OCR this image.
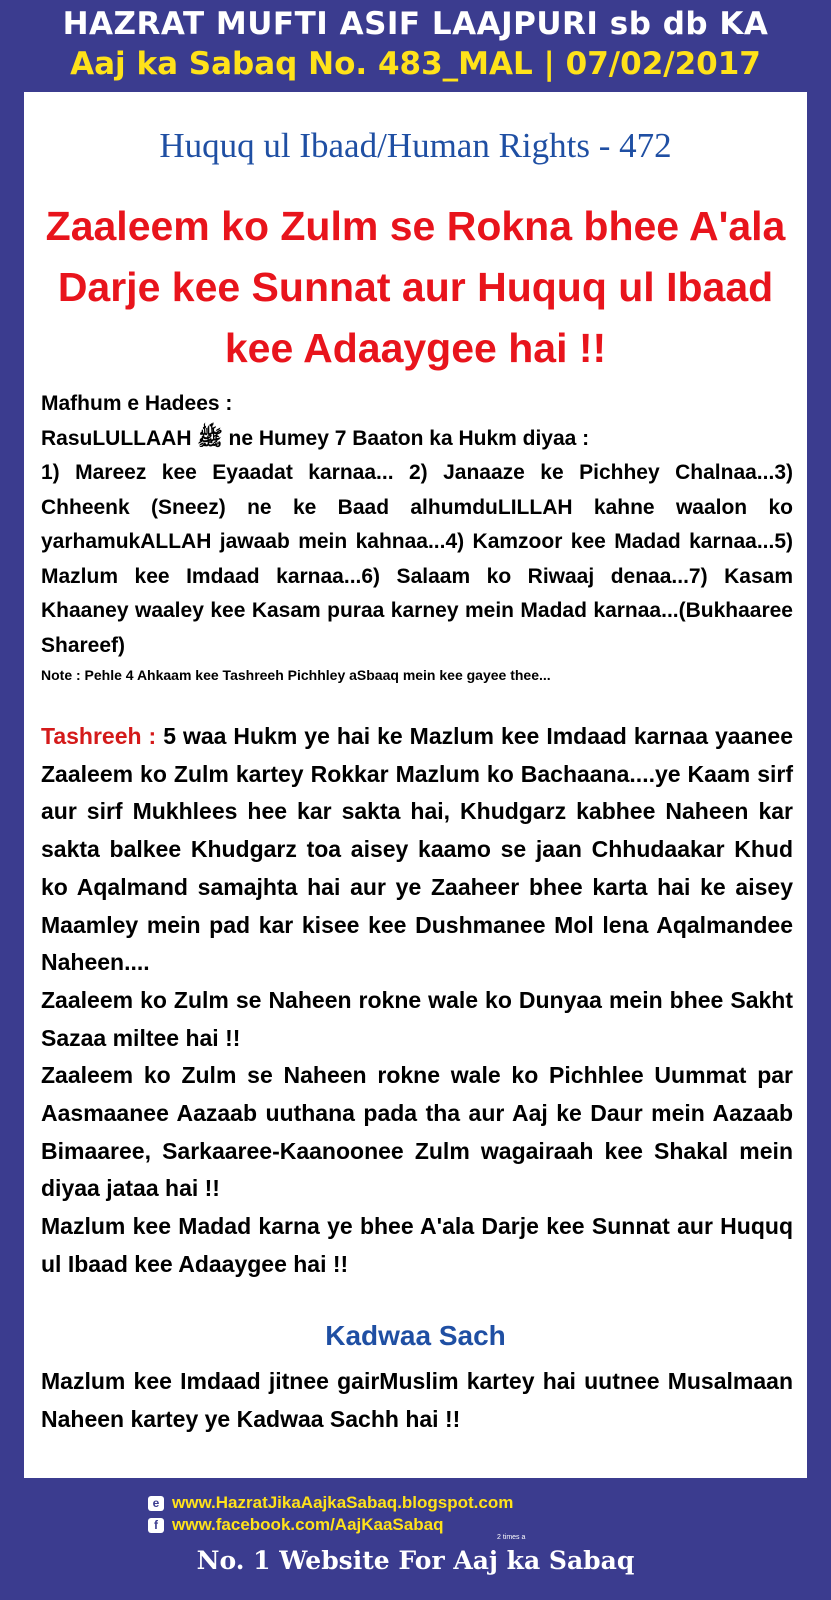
HAZRAT MUFTI ASIF LAAJPURI sb db KA
Aaj ka Sabaq No. 483_MAL | 07/02/2017
Huquq ul Ibaad/Human Rights - 472
Zaaleem ko Zulm se Rokna bhee A'ala Darje kee Sunnat aur Huquq ul Ibaad kee Adaaygee hai !!
Mafhum e Hadees :
RasuLULLAAH ﷺ ne Humey 7 Baaton ka Hukm diyaa :
1) Mareez kee Eyaadat karnaa... 2) Janaaze ke Pichhey Chalnaa...3) Chheenk (Sneez) ne ke Baad alhumduLILLAH kahne waalon ko yarhamukALLAH jawaab mein kahnaa...4) Kamzoor kee Madad karnaa...5) Mazlum kee Imdaad karnaa...6) Salaam ko Riwaaj denaa...7) Kasam Khaaney waaley kee Kasam puraa karney mein Madad karnaa...(Bukhaaree Shareef)
Note : Pehle 4 Ahkaam kee Tashreeh Pichhley aSbaaq mein kee gayee thee...
Tashreeh : 5 waa Hukm ye hai ke Mazlum kee Imdaad karnaa yaanee Zaaleem ko Zulm kartey Rokkar Mazlum ko Bachaana....ye Kaam sirf aur sirf Mukhlees hee kar sakta hai, Khudgarz kabhee Naheen kar sakta balkee Khudgarz toa aisey kaamo se jaan Chhudaakar Khud ko Aqalmand samajhta hai aur ye Zaaheer bhee karta hai ke aisey Maamley mein pad kar kisee kee Dushmanee Mol lena Aqalmandee Naheen....
Zaaleem ko Zulm se Naheen rokne wale ko Dunyaa mein bhee Sakht Sazaa miltee hai !!
Zaaleem ko Zulm se Naheen rokne wale ko Pichhlee Uummat par Aasmaanee Aazaab uuthana pada tha aur Aaj ke Daur mein Aazaab Bimaaree, Sarkaaree-Kaanoonee Zulm wagairaah kee Shakal mein diyaa jataa hai !!
Mazlum kee Madad karna ye bhee A'ala Darje kee Sunnat aur Huquq ul Ibaad kee Adaaygee hai !!
Kadwaa Sach
Mazlum kee Imdaad jitnee gairMuslim kartey hai uutnee Musalmaan Naheen kartey ye Kadwaa Sachh hai !!
e www.HazratJikaAajkaSabaq.blogspot.com
f www.facebook.com/AajKaaSabaq
2 times a
No. 1 Website For Aaj ka Sabaq
